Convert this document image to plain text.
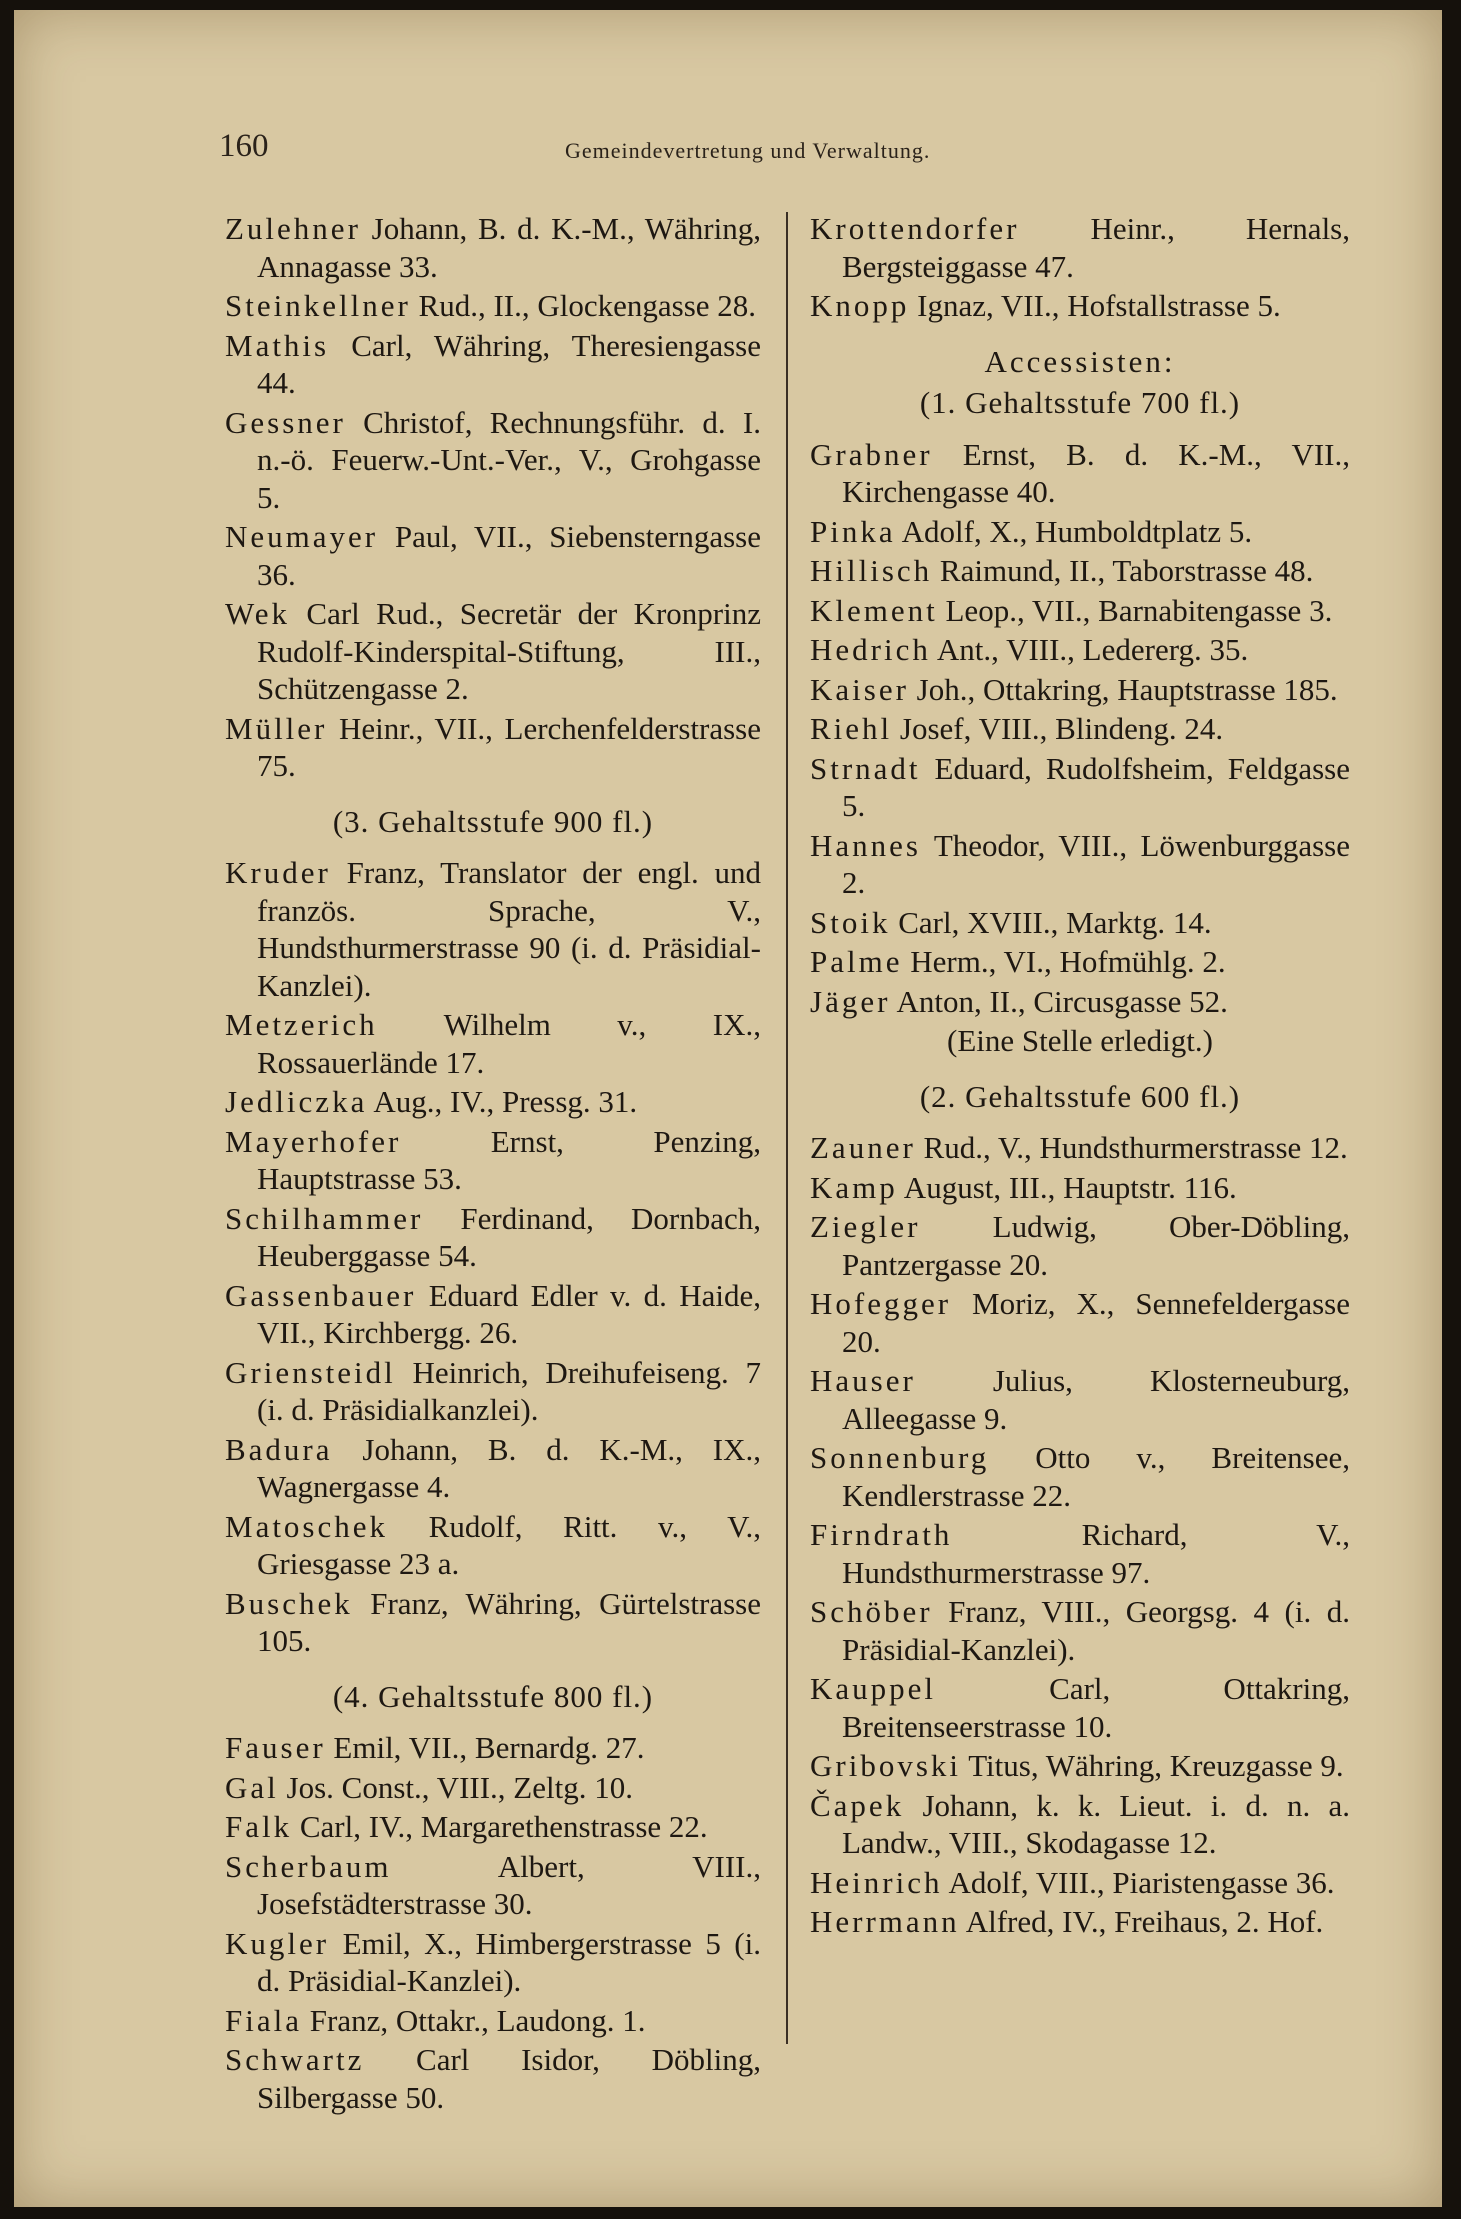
160	Gemeindevertretung und Verwaltung.

Zulehner Johann, B. d. K.-M., Währing, Annagasse 33.

Steinkellner Rud., II., Glockengasse 28.

Mathis Carl, Währing, Theresiengasse 44.

Gessner Christof, Rechnungsführ. d. I. n.-ö. Feuerw.-Unt.-Ver., V., Grohgasse 5.

Neumayer Paul, VII., Siebensterngasse 36.

Wek Carl Rud., Secretär der Kronprinz Rudolf-Kinderspital-Stiftung, III., Schützengasse 2.

Müller Heinr., VII., Lerchenfelderstrasse 75.

(3. Gehaltsstufe 900 fl.)

Kruder Franz, Translator der engl. und französ. Sprache, V., Hundsthurmerstrasse 90 (i. d. Präsidial-Kanzlei).

Metzerich Wilhelm v., IX., Rossauerlände 17.

Jedliczka Aug., IV., Pressg. 31.

Mayerhofer Ernst, Penzing, Hauptstrasse 53.

Schilhammer Ferdinand, Dornbach, Heuberggasse 54.

Gassenbauer Eduard Edler v. d. Haide, VII., Kirchbergg. 26.

Griensteidl Heinrich, Dreihufeiseng. 7 (i. d. Präsidialkanzlei).

Badura Johann, B. d. K.-M., IX., Wagnergasse 4.

Matoschek Rudolf, Ritt. v., V., Griesgasse 23 a.

Buschek Franz, Währing, Gürtelstrasse 105.

(4. Gehaltsstufe 800 fl.)

Fauser Emil, VII., Bernardg. 27.

Gal Jos. Const., VIII., Zeltg. 10.

Falk Carl, IV., Margarethenstrasse 22.

Scherbaum Albert, VIII., Josefstädterstrasse 30.

Kugler Emil, X., Himbergerstrasse 5 (i. d. Präsidial-Kanzlei).

Fiala Franz, Ottakr., Laudong. 1.

Schwartz Carl Isidor, Döbling, Silbergasse 50.

Krottendorfer Heinr., Hernals, Bergsteiggasse 47.

Knopp Ignaz, VII., Hofstallstrasse 5.

Accessisten:
(1. Gehaltsstufe 700 fl.)

Grabner Ernst, B. d. K.-M., VII., Kirchengasse 40.

Pinka Adolf, X., Humboldtplatz 5.

Hillisch Raimund, II., Taborstrasse 48.

Klement Leop., VII., Barnabitengasse 3.

Hedrich Ant., VIII., Ledererg. 35.

Kaiser Joh., Ottakring, Hauptstrasse 185.

Riehl Josef, VIII., Blindeng. 24.

Strnadt Eduard, Rudolfsheim, Feldgasse 5.

Hannes Theodor, VIII., Löwenburggasse 2.

Stoik Carl, XVIII., Marktg. 14.

Palme Herm., VI., Hofmühlg. 2.

Jäger Anton, II., Circusgasse 52.

(Eine Stelle erledigt.)
(2. Gehaltsstufe 600 fl.)

Zauner Rud., V., Hundsthurmerstrasse 12.

Kamp August, III., Hauptstr. 116.

Ziegler Ludwig, Ober-Döbling, Pantzergasse 20.

Hofegger Moriz, X., Sennefeldergasse 20.

Hauser Julius, Klosterneuburg, Alleegasse 9.

Sonnenburg Otto v., Breitensee, Kendlerstrasse 22.

Firndrath Richard, V., Hundsthurmerstrasse 97.

Schöber Franz, VIII., Georgsg. 4 (i. d. Präsidial-Kanzlei).

Kauppel Carl, Ottakring, Breitenseerstrasse 10.

Gribovski Titus, Währing, Kreuzgasse 9.

Čapek Johann, k. k. Lieut. i. d. n. a. Landw., VIII., Skodagasse 12.

Heinrich Adolf, VIII., Piaristengasse 36.

Herrmann Alfred, IV., Freihaus, 2. Hof.
